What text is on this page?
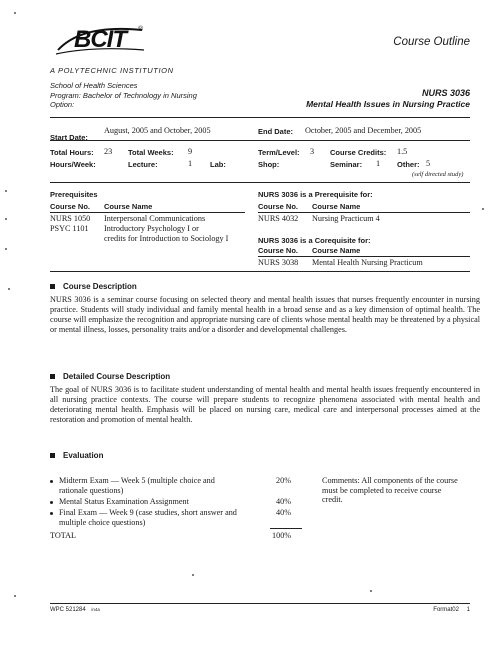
BCIT ®
A POLYTECHNIC INSTITUTION
Course Outline
School of Health Sciences
Program: Bachelor of Technology in Nursing
Option:
NURS 3036
Mental Health Issues in Nursing Practice
Start Date:
August, 2005 and October, 2005	End Date: October, 2005 and December, 2005
Total Hours: 23 Total Weeks: 9	Term/Level: 3 Course Credits: 1.5
Hours/Week:	Lecture:	1 Lab:	Shop:	Seminar: 1 Other: 5
(self directed study)
Prerequisites
Course No. Course Name
NURS 1050 Interpersonal Communications
PSYC 1101 Introductory Psychology I or
credits for Introduction to Sociology I
NURS 3036 is a Prerequisite for:
Course No. Course Name
NURS 4032 Nursing Practicum 4
NURS 3036 is a Corequisite for:
Course No. Course Name
NURS 3038 Mental Health Nursing Practicum
Course Description
NURS 3036 is a seminar course focusing on selected theory and mental health issues that nurses frequently encounter in nursing practice. Students will study individual and family mental health in a broad sense and as a key dimension of optimal health. The course will emphasize the recognition and appropriate nursing care of clients whose mental health may be threatened by a physical or mental illness, losses, personality traits and/or a disorder and developmental challenges.
Detailed Course Description
The goal of NURS 3036 is to facilitate student understanding of mental health and mental health issues frequently encountered in all nursing practice contexts. The course will prepare students to recognize phenomena associated with mental health and deteriorating mental health. Emphasis will be placed on nursing care, medical care and interpersonal processes aimed at the restoration and promotion of mental health.
Evaluation
Midterm Exam — Week 5 (multiple choice and
rationale questions)
20%
Mental Status Examination Assignment	40%
Final Exam — Week 9 (case studies, short answer and
multiple choice questions)
40%
TOTAL	100%
Comments: All components of the course must be completed to receive course credit.
WPC 521284 in4a	Format02 1
